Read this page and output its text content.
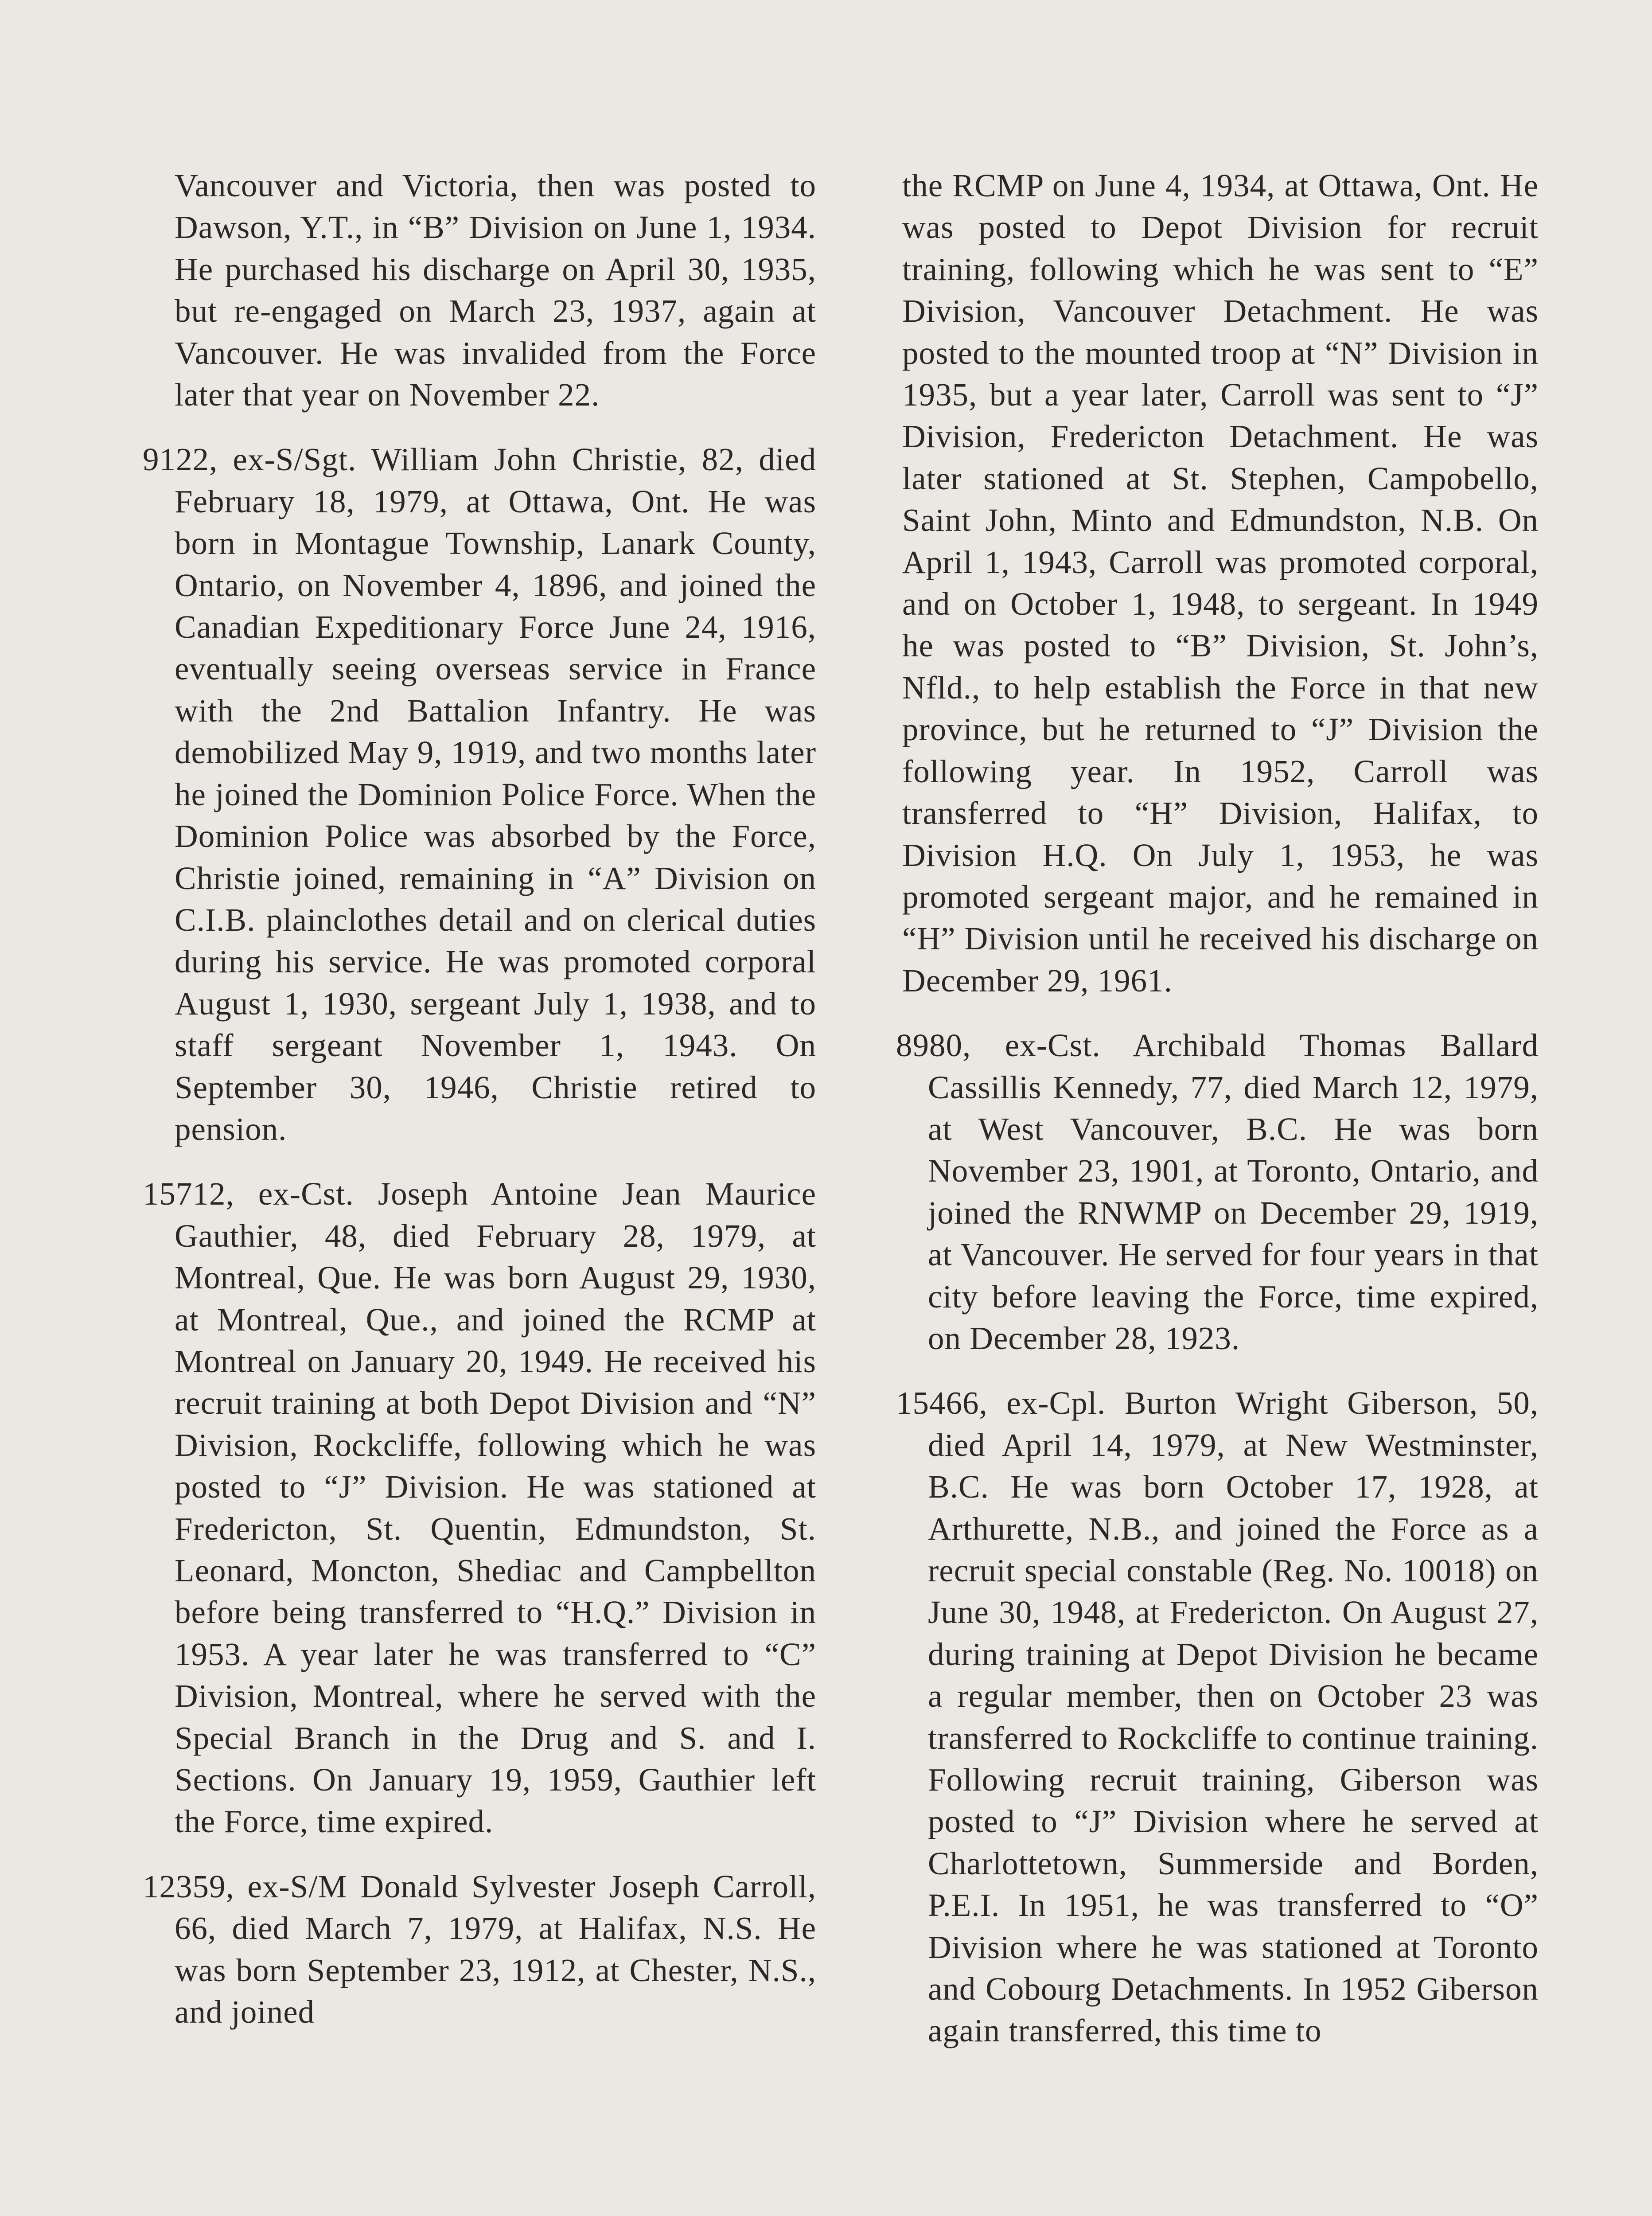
Vancouver and Victoria, then was posted to Dawson, Y.T., in “B” Division on June 1, 1934. He purchased his discharge on April 30, 1935, but re-engaged on March 23, 1937, again at Vancouver. He was invalided from the Force later that year on November 22.

9122, ex-S/Sgt. William John Christie, 82, died February 18, 1979, at Ottawa, Ont. He was born in Montague Township, Lanark County, Ontario, on November 4, 1896, and joined the Canadian Expeditionary Force June 24, 1916, eventually seeing overseas service in France with the 2nd Battalion Infantry. He was demobilized May 9, 1919, and two months later he joined the Dominion Police Force. When the Dominion Police was absorbed by the Force, Christie joined, remaining in “A” Division on C.I.B. plainclothes detail and on clerical duties during his service. He was promoted corporal August 1, 1930, sergeant July 1, 1938, and to staff sergeant November 1, 1943. On September 30, 1946, Christie retired to pension.

15712, ex-Cst. Joseph Antoine Jean Maurice Gauthier, 48, died February 28, 1979, at Montreal, Que. He was born August 29, 1930, at Montreal, Que., and joined the RCMP at Montreal on January 20, 1949. He received his recruit training at both Depot Division and “N” Division, Rockcliffe, following which he was posted to “J” Division. He was stationed at Fredericton, St. Quentin, Edmundston, St. Leonard, Moncton, Shediac and Campbellton before being transferred to “H.Q.” Division in 1953. A year later he was transferred to “C” Division, Montreal, where he served with the Special Branch in the Drug and S. and I. Sections. On January 19, 1959, Gauthier left the Force, time expired.

12359, ex-S/M Donald Sylvester Joseph Carroll, 66, died March 7, 1979, at Halifax, N.S. He was born September 23, 1912, at Chester, N.S., and joined

the RCMP on June 4, 1934, at Ottawa, Ont. He was posted to Depot Division for recruit training, following which he was sent to “E” Division, Vancouver Detachment. He was posted to the mounted troop at “N” Division in 1935, but a year later, Carroll was sent to “J” Division, Fredericton Detachment. He was later stationed at St. Stephen, Campobello, Saint John, Minto and Edmundston, N.B. On April 1, 1943, Carroll was promoted corporal, and on October 1, 1948, to sergeant. In 1949 he was posted to “B” Division, St. John’s, Nfld., to help establish the Force in that new province, but he returned to “J” Division the following year. In 1952, Carroll was transferred to “H” Division, Halifax, to Division H.Q. On July 1, 1953, he was promoted sergeant major, and he remained in “H” Division until he received his discharge on December 29, 1961.

8980, ex-Cst. Archibald Thomas Ballard Cassillis Kennedy, 77, died March 12, 1979, at West Vancouver, B.C. He was born November 23, 1901, at Toronto, Ontario, and joined the RNWMP on December 29, 1919, at Vancouver. He served for four years in that city before leaving the Force, time expired, on December 28, 1923.

15466, ex-Cpl. Burton Wright Giberson, 50, died April 14, 1979, at New Westminster, B.C. He was born October 17, 1928, at Arthurette, N.B., and joined the Force as a recruit special constable (Reg. No. 10018) on June 30, 1948, at Fredericton. On August 27, during training at Depot Division he became a regular member, then on October 23 was transferred to Rockcliffe to continue training. Following recruit training, Giberson was posted to “J” Division where he served at Charlottetown, Summerside and Borden, P.E.I. In 1951, he was transferred to “O” Division where he was stationed at Toronto and Cobourg Detachments. In 1952 Giberson again transferred, this time to
